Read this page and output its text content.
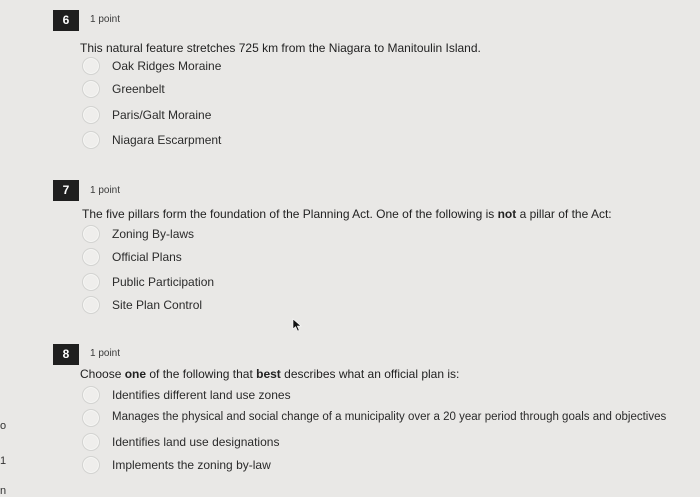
o
1
n
6	1 point
This natural feature stretches 725 km from the Niagara to Manitoulin Island.
Oak Ridges Moraine
Greenbelt
Paris/Galt Moraine
Niagara Escarpment
7	1 point
The five pillars form the foundation of the Planning Act. One of the following is not a pillar of the Act:
Zoning By-laws
Official Plans
Public Participation
Site Plan Control
8	1 point
Choose one of the following that best describes what an official plan is:
Identifies different land use zones
Manages the physical and social change of a municipality over a 20 year period through goals and objectives
Identifies land use designations
Implements the zoning by-law
